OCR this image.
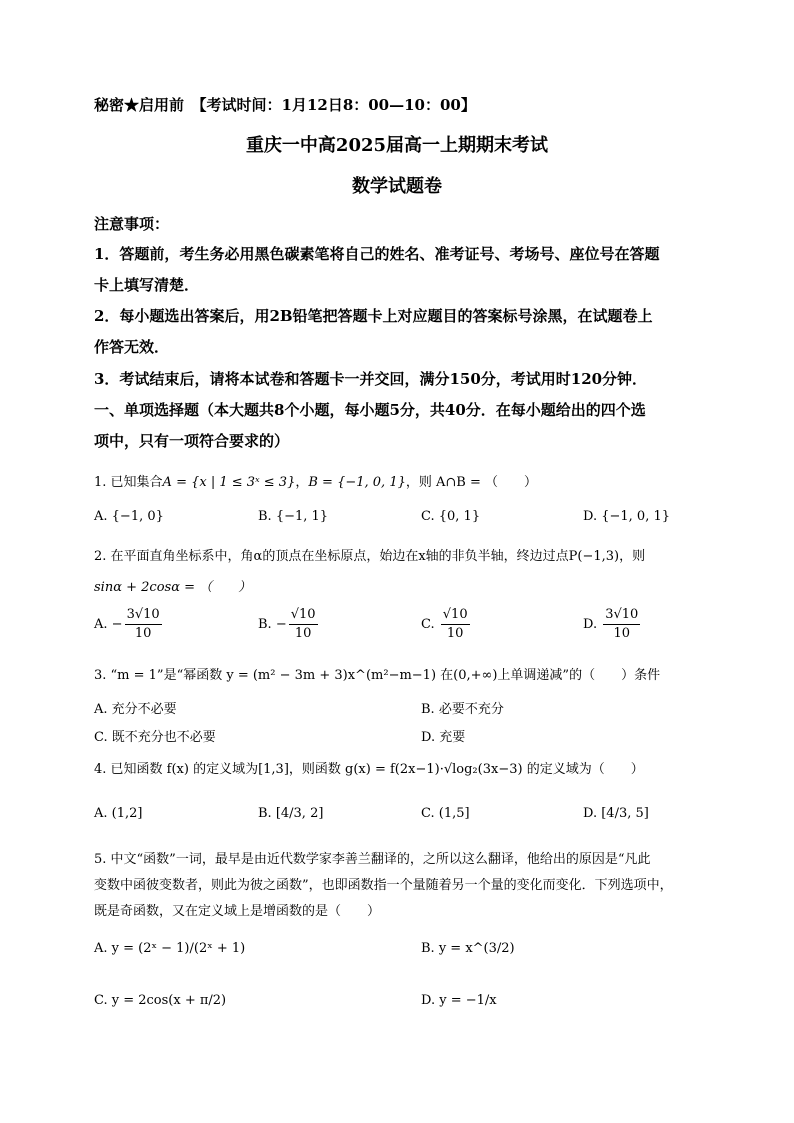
秘密★启用前　【考试时间：1月12日8：00—10：00】
重庆一中高2025届高一上期期末考试
数学试题卷
注意事项：
1．答题前，考生务必用黑色碳素笔将自己的姓名、准考证号、考场号、座位号在答题
卡上填写清楚．
2．每小题选出答案后，用2B铅笔把答题卡上对应题目的答案标号涂黑，在试题卷上
作答无效．
3．考试结束后，请将本试卷和答题卡一并交回，满分150分，考试用时120分钟．
一、单项选择题（本大题共8个小题，每小题5分，共40分．在每小题给出的四个选
项中，只有一项符合要求的）
1. 已知集合A = {x | 1 ≤ 3ˣ ≤ 3}，B = {−1, 0, 1}，则 A∩B = （　　）
A. {−1, 0}	B. {−1, 1}	C. {0, 1}	D. {−1, 0, 1}
2. 在平面直角坐标系中，角α的顶点在坐标原点，始边在x轴的非负半轴，终边过点P(−1,3)，则
sinα + 2cosα = （　　）
A. − $\frac{3√10}{10}$	B. − $\frac{√10}{10}$	C. $\frac{√10}{10}$	D. $\frac{3√10}{10}$
3. “m = 1”是“幂函数 y = (m² − 3m + 3)x^(m²−m−1) 在(0,+∞)上单调递减”的（　　）条件
A. 充分不必要	B. 必要不充分
C. 既不充分也不必要	D. 充要
4. 已知函数 f(x) 的定义域为[1,3]，则函数 g(x) = f(2x−1)·√log₂(3x−3) 的定义域为（　　）
A. (1,2]	B. [4/3, 2]	C. (1,5]	D. [4/3, 5]
5. 中文“函数”一词，最早是由近代数学家李善兰翻译的，之所以这么翻译，他给出的原因是“凡此
变数中函彼变数者，则此为彼之函数”，也即函数指一个量随着另一个量的变化而变化．下列选项中，
既是奇函数，又在定义域上是增函数的是（　　）
A. y = (2ˣ − 1)/(2ˣ + 1)	B. y = x^(3/2)
C. y = 2cos(x + π/2)	D. y = −1/x
